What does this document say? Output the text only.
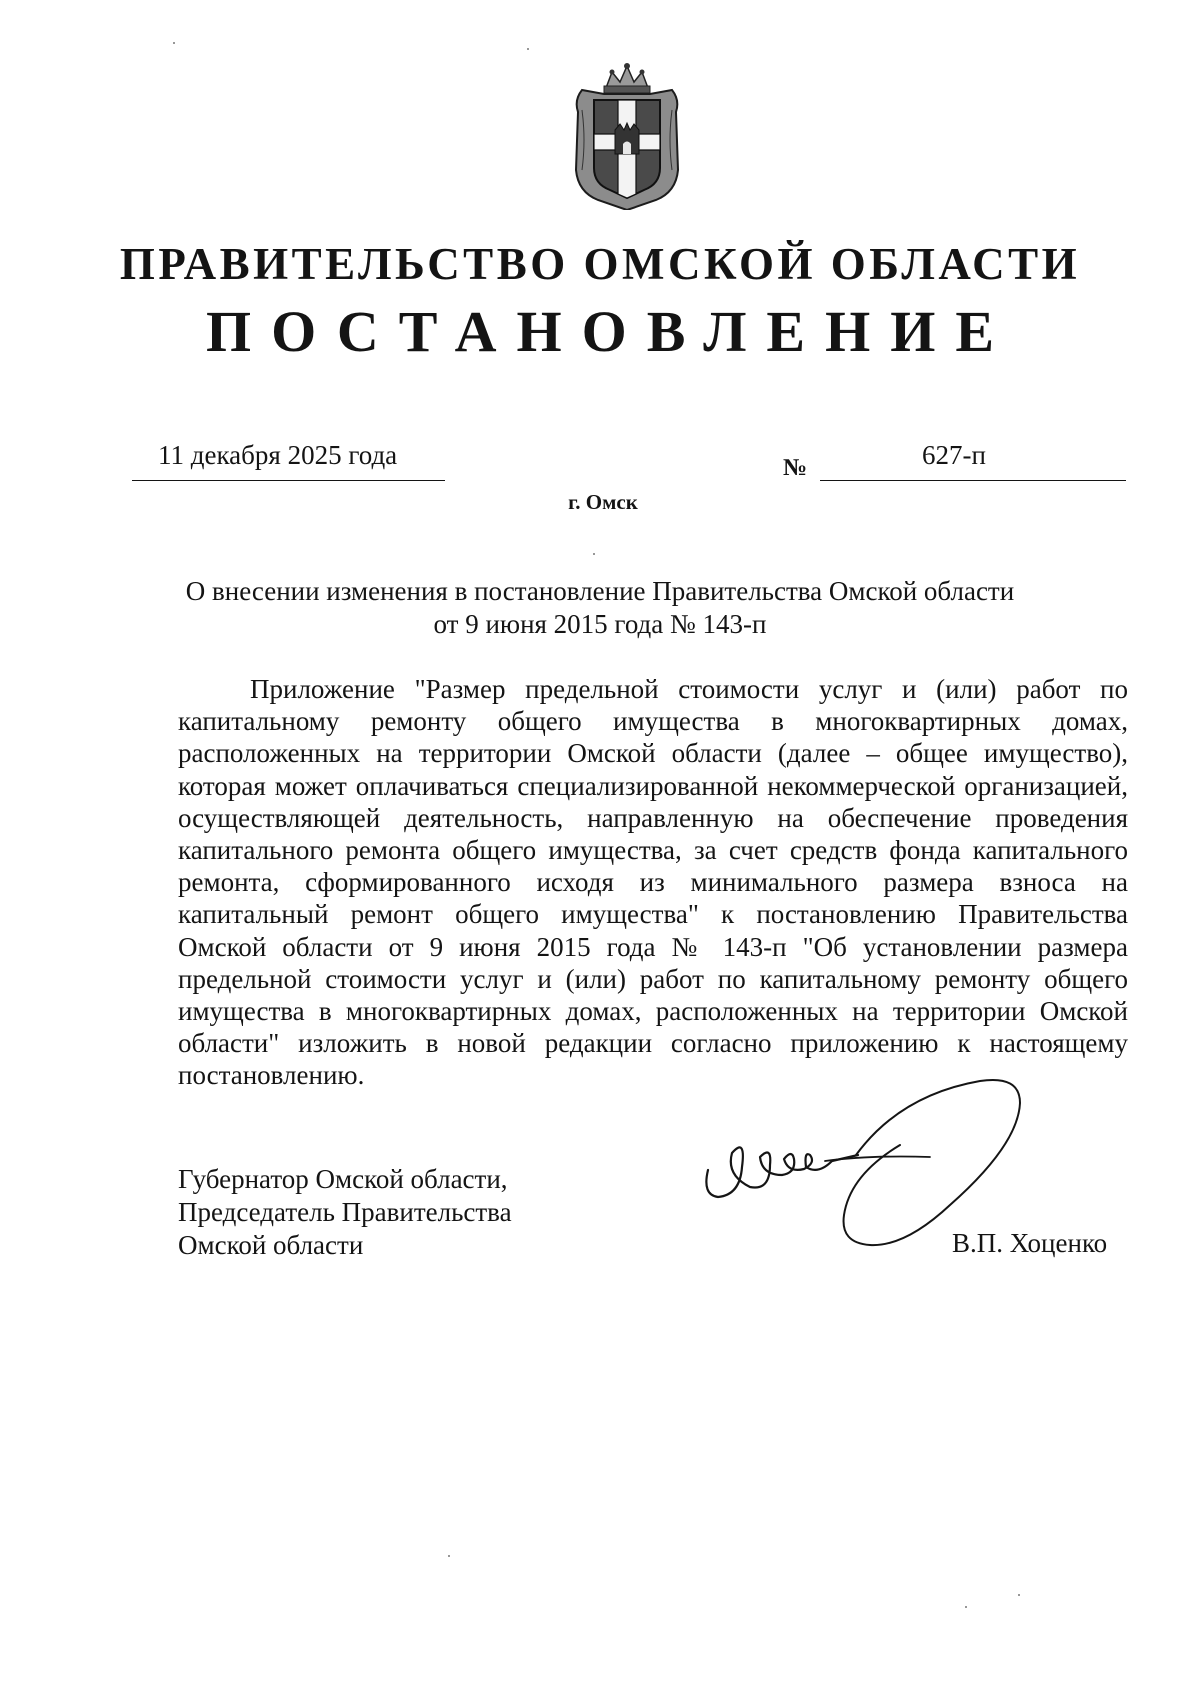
ПРАВИТЕЛЬСТВО ОМСКОЙ ОБЛАСТИ
ПОСТАНОВЛЕНИЕ
11 декабря 2025 года	№	627-п
г. Омск
О внесении изменения в постановление Правительства Омской области
от 9 июня 2015 года № 143-п

Приложение "Размер предельной стоимости услуг и (или) работ по капитальному ремонту общего имущества в многоквартирных домах, расположенных на территории Омской области (далее – общее имущество), которая может оплачиваться специализированной некоммерческой организацией, осуществляющей деятельность, направленную на обеспечение проведения капитального ремонта общего имущества, за счет средств фонда капитального ремонта, сформированного исходя из минимального размера взноса на капитальный ремонт общего имущества" к постановлению Правительства Омской области от 9 июня 2015 года № 143-п "Об установлении размера предельной стоимости услуг и (или) работ по капитальному ремонту общего имущества в многоквартирных домах, расположенных на территории Омской области" изложить в новой редакции согласно приложению к настоящему постановлению.

Губернатор Омской области,
Председатель Правительства
Омской области	В.П. Хоценко
